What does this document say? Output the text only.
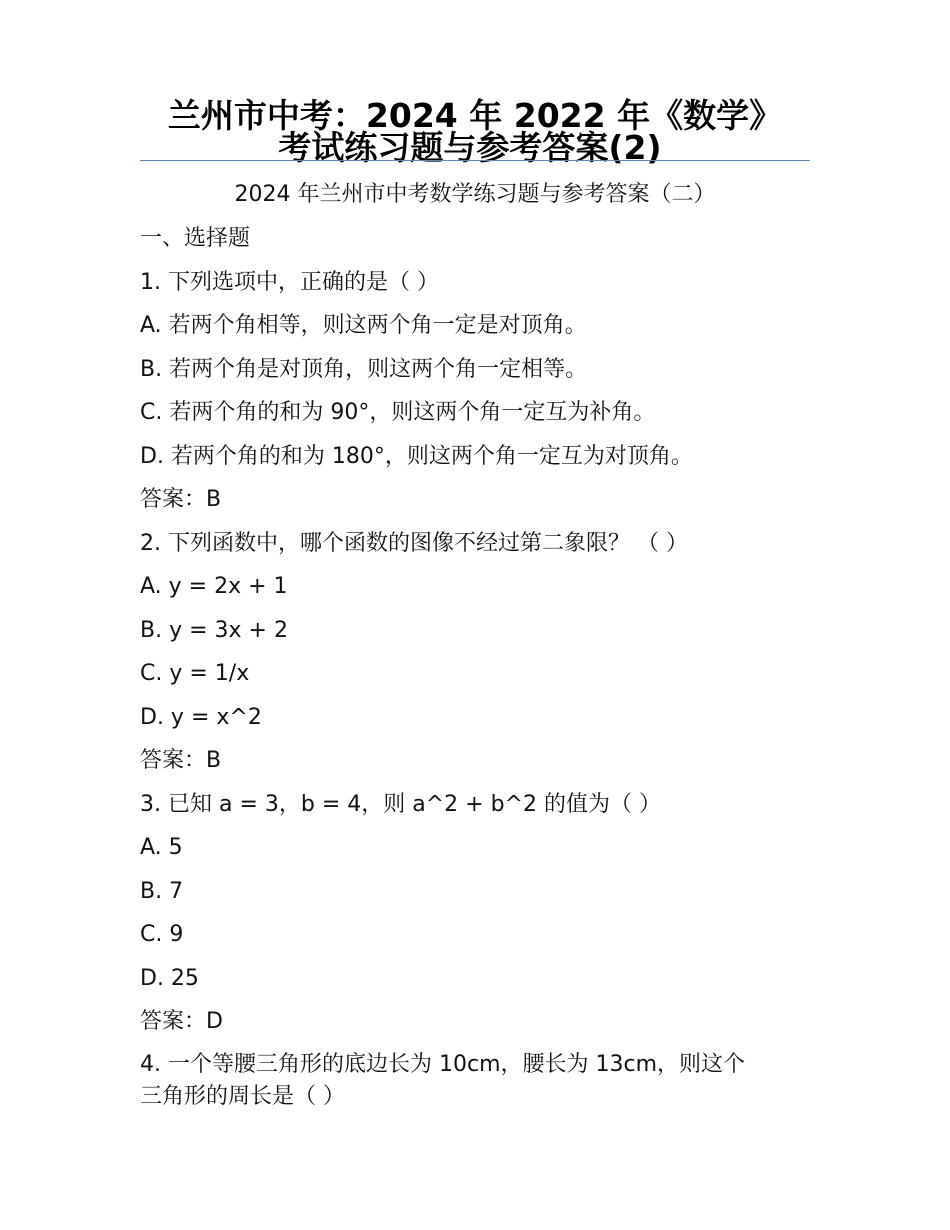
兰州市中考：2024 年 2022 年《数学》
考试练习题与参考答案(2)
2024 年兰州市中考数学练习题与参考答案（二）
一、选择题
1. 下列选项中，正确的是（ ）
A. 若两个角相等，则这两个角一定是对顶角。
B. 若两个角是对顶角，则这两个角一定相等。
C. 若两个角的和为 90°，则这两个角一定互为补角。
D. 若两个角的和为 180°，则这两个角一定互为对顶角。
答案：B
2. 下列函数中，哪个函数的图像不经过第二象限？ （ ）
A. y = 2x + 1
B. y = 3x + 2
C. y = 1/x
D. y = x^2
答案：B
3. 已知 a = 3，b = 4，则 a^2 + b^2 的值为（ ）
A. 5
B. 7
C. 9
D. 25
答案：D
4. 一个等腰三角形的底边长为 10cm，腰长为 13cm，则这个
三角形的周长是（ ）
